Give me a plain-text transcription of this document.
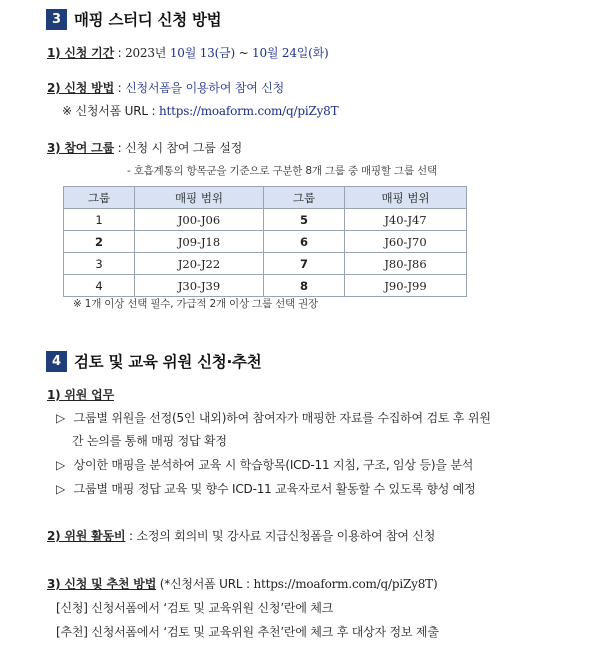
3 매핑 스터디 신청 방법
1) 신청 기간 : 2023년 10월 13(금) ~ 10월 24일(화)
2) 신청 방법 : 신청서폼을 이용하여 참여 신청
※ 신청서폼 URL : https://moaform.com/q/piZy8T
3) 참여 그룹 : 신청 시 참여 그룹 설정
- 호흡계통의 항목군을 기준으로 구분한 8개 그룹 중 매핑할 그룹 선택
그룹	매핑 범위	그룹	매핑 범위
1	J00-J06	5	J40-J47
2	J09-J18	6	J60-J70
3	J20-J22	7	J80-J86
4	J30-J39	8	J90-J99
※ 1개 이상 선택 필수, 가급적 2개 이상 그룹 선택 권장
4 검토 및 교육 위원 신청·추천
1) 위원 업무
▷ 그룹별 위원을 선정(5인 내외)하여 참여자가 매핑한 자료를 수집하여 검토 후 위원
간 논의를 통해 매핑 정답 확정
▷ 상이한 매핑을 분석하여 교육 시 학습항목(ICD-11 지침, 구조, 임상 등)을 분석
▷ 그룹별 매핑 정답 교육 및 향수 ICD-11 교육자로서 활동할 수 있도록 향성 예정
2) 위원 활동비 : 소정의 회의비 및 강사료 지급신청폼을 이용하여 참여 신청
3) 신청 및 추천 방법 (*신청서폼 URL : https://moaform.com/q/piZy8T)
[신청] 신청서폼에서 ‘검토 및 교육위원 신청’란에 체크
[추천] 신청서폼에서 ‘검토 및 교육위원 추천’란에 체크 후 대상자 정보 제출
